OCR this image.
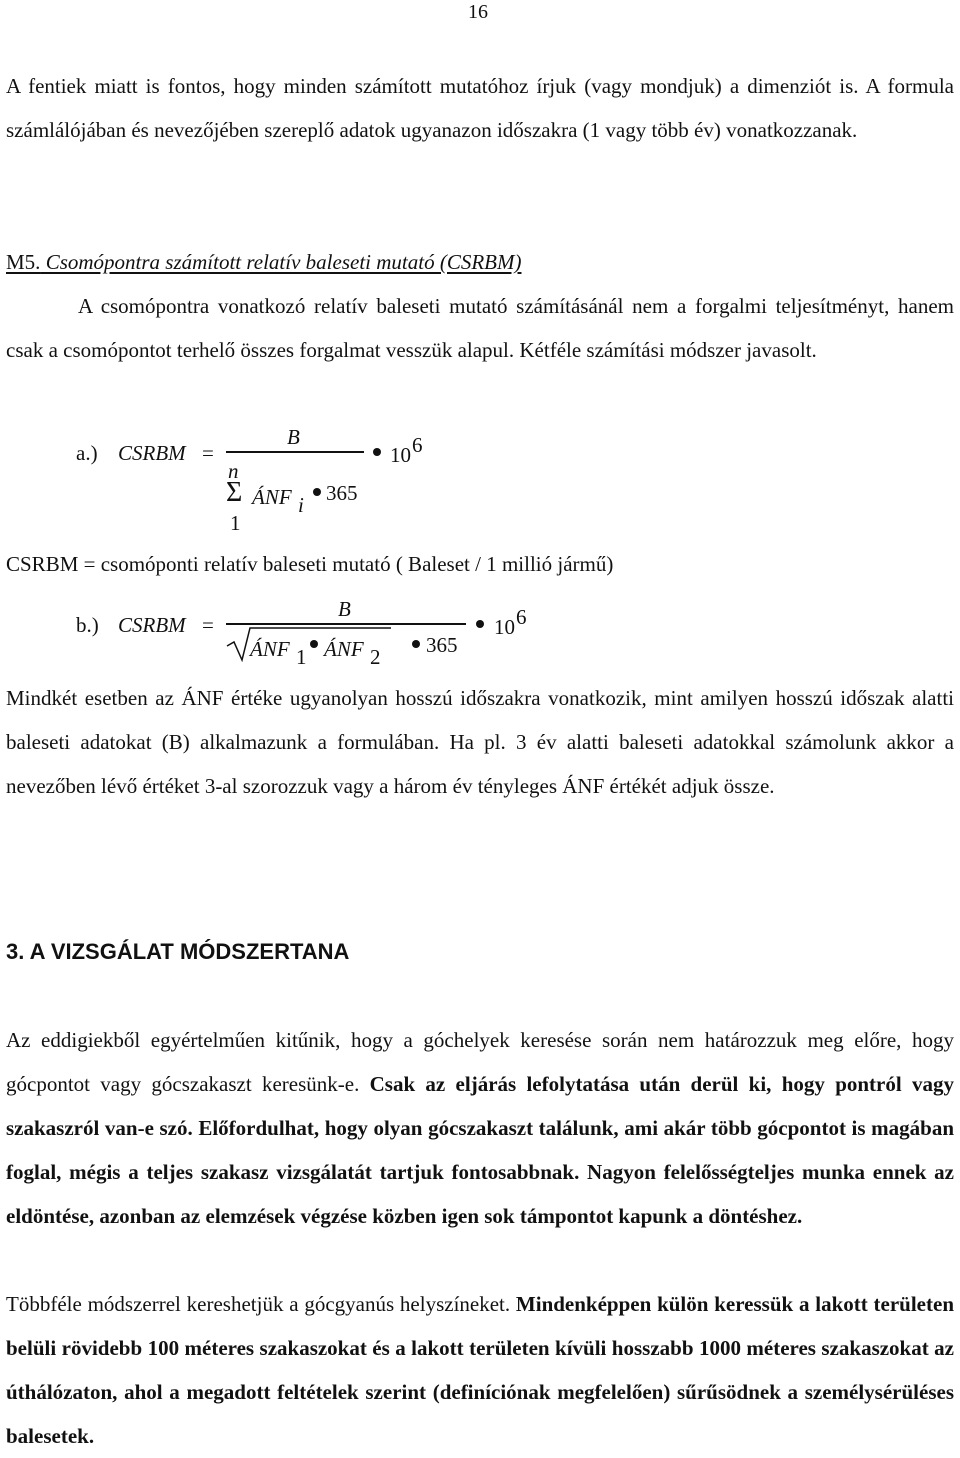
16

A fentiek miatt is fontos, hogy minden számított mutatóhoz írjuk (vagy mondjuk) a dimenziót is. A formula számlálójában és nevezőjében szereplő adatok ugyanazon időszakra (1 vagy több év) vonatkozzanak.

M5. Csomópontra számított relatív baleseti mutató (CSRBM)

A csomópontra vonatkozó relatív baleseti mutató számításánál nem a forgalmi teljesítményt, hanem csak a csomópontot terhelő összes forgalmat vesszük alapul. Kétféle számítási módszer javasolt.

a.) CSRBM =
B
10 6
n
Σ ÁNF i 365
1
b.) CSRBM =
B
10 6
ÁNF 1 ÁNF 2 365

CSRBM = csomóponti relatív baleseti mutató ( Baleset / 1 millió jármű)

Mindkét esetben az ÁNF értéke ugyanolyan hosszú időszakra vonatkozik, mint amilyen hosszú időszak alatti baleseti adatokat (B) alkalmazunk a formulában. Ha pl. 3 év alatti baleseti adatokkal számolunk akkor a nevezőben lévő értéket 3-al szorozzuk vagy a három év tényleges ÁNF értékét adjuk össze.

3. A VIZSGÁLAT MÓDSZERTANA

Az eddigiekből egyértelműen kitűnik, hogy a góchelyek keresése során nem határozzuk meg előre, hogy gócpontot vagy gócszakaszt keresünk-e. Csak az eljárás lefolytatása után derül ki, hogy pontról vagy szakaszról van-e szó. Előfordulhat, hogy olyan gócszakaszt találunk, ami akár több gócpontot is magában foglal, mégis a teljes szakasz vizsgálatát tartjuk fontosabbnak. Nagyon felelősségteljes munka ennek az eldöntése, azonban az elemzések végzése közben igen sok támpontot kapunk a döntéshez.

Többféle módszerrel kereshetjük a gócgyanús helyszíneket. Mindenképpen külön keressük a lakott területen belüli rövidebb 100 méteres szakaszokat és a lakott területen kívüli hosszabb 1000 méteres szakaszokat az úthálózaton, ahol a megadott feltételek szerint (definíciónak megfelelően) sűrűsödnek a személysérüléses balesetek.
